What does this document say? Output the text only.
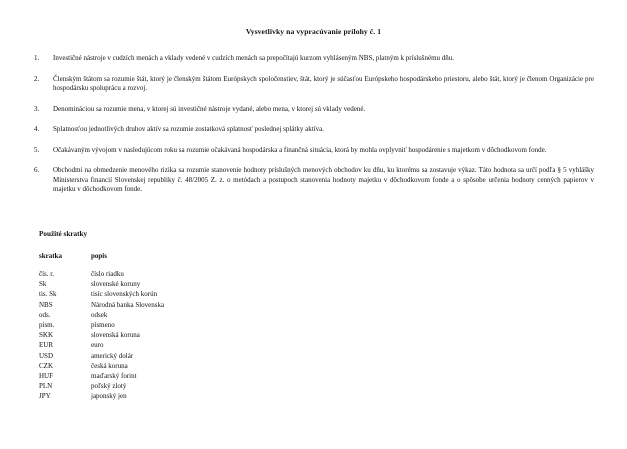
Vysvetlivky na vypracúvanie prílohy č. 1
1. Investičné nástroje v cudzích menách a vklady vedené v cudzích menách sa prepočítajú kurzom vyhláseným NBS, platným k príslušnému dňu.
2. Členským štátom sa rozumie štát, ktorý je členským štátom Európskych spoločenstiev, štát, ktorý je súčasťou Európskeho hospodárskeho priestoru, alebo štát, ktorý je členom Organizácie pre hospodársku spoluprácu a rozvoj.
3. Denomináciou sa rozumie mena, v ktorej sú investičné nástroje vydané, alebo mena, v ktorej sú vklady vedené.
4. Splatnosťou jednotlivých druhov aktív sa rozumie zostatková splatnosť poslednej splátky aktíva.
5. Očakávaným vývojom v nasledujúcom roku sa rozumie očakávaná hospodárska a finančná situácia, ktorá by mohla ovplyvniť hospodárenie s majetkom v dôchodkovom fonde.
6. Obchodmi na obmedzenie menového rizika sa rozumie stanovenie hodnoty príslušných menových obchodov ku dňu, ku ktorému sa zostavuje výkaz. Táto hodnota sa určí podľa § 5 vyhlášky Ministerstva financií Slovenskej republiky č. 48/2005 Z. z. o metódach a postupoch stanovenia hodnoty majetku v dôchodkovom fonde a o spôsobe určenia hodnoty cenných papierov v majetku v dôchodkovom fonde.
Použité skratky
skratka	popis
čís. r.	číslo riadku
Sk	slovenské koruny
tis. Sk	tisíc slovenských korún
NBS	Národná banka Slovenska
ods.	odsek
písm.	písmeno
SKK	slovenská koruna
EUR	euro
USD	americký dolár
CZK	česká koruna
HUF	maďarský forint
PLN	poľský zlotý
JPY	japonský jen
